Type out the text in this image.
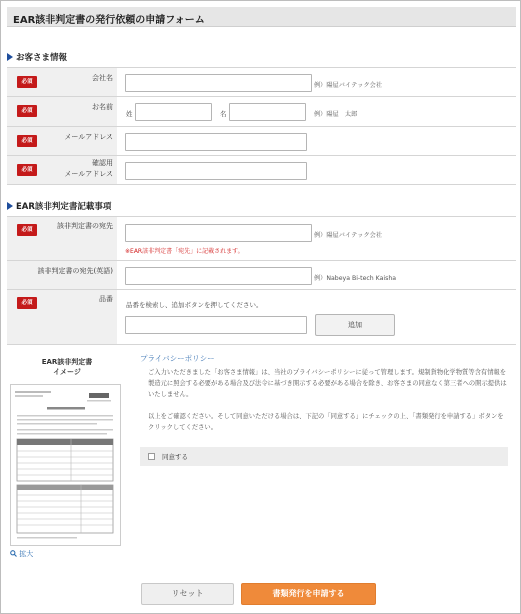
EAR該非判定書の発行依頼の申請フォーム
お客さま情報
必須	会社名
例）陽屋バイテック会社
必須	お名前
姓	名	例）陽屋　太郎
必須	メールアドレス
必須
確認用
メールアドレス
EAR該非判定書記載事項
必須	該非判定書の宛先
例）陽屋バイテック会社
※EAR該非判定書「宛先」に記載されます。
該非判定書の宛先(英語)
例）Nabeya Bi-tech Kaisha
必須	品番
品番を検索し、追加ボタンを押してください。
追加
EAR該非判定書
イメージ
拡大
プライバシーポリシー
ご入力いただきました「お客さま情報」は、当社のプライバシーポリシーに従って管理します。規制貨物化学物質等含有情報を製造元に照会する必要がある場合及び法令に基づき開示する必要がある場合を除き、お客さまの同意なく第三者への開示提供はいたしません。
以上をご確認ください。そして同意いただける場合は、下記の「同意する」にチェックの上、「書類発行を申請する」ボタンをクリックしてください。
同意する
リセット	書類発行を申請する
